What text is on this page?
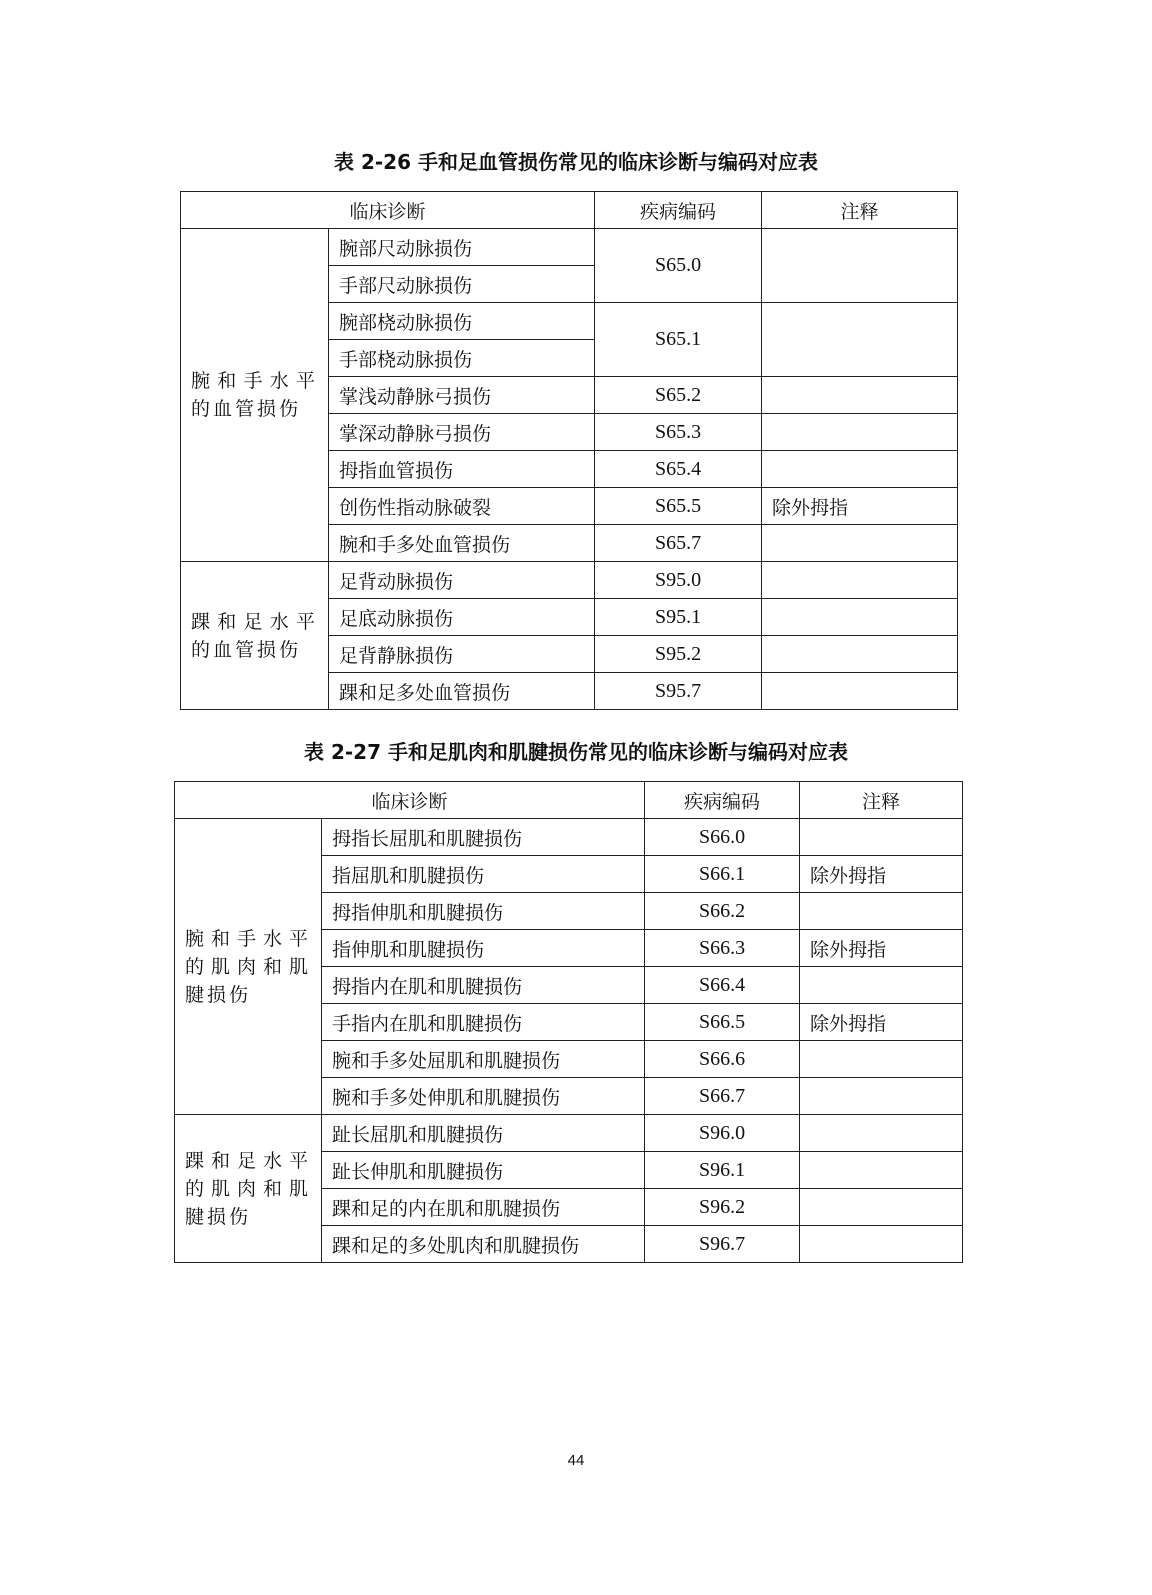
表 2-26 手和足血管损伤常见的临床诊断与编码对应表
临床诊断		疾病编码	注释
腕和手水平的血管损伤	腕部尺动脉损伤	S65.0	
	手部尺动脉损伤		
	腕部桡动脉损伤	S65.1	
	手部桡动脉损伤		
	掌浅动静脉弓损伤	S65.2	
	掌深动静脉弓损伤	S65.3	
	拇指血管损伤	S65.4	
	创伤性指动脉破裂	S65.5	除外拇指
	腕和手多处血管损伤	S65.7	
踝和足水平的血管损伤	足背动脉损伤	S95.0	
	足底动脉损伤	S95.1	
	足背静脉损伤	S95.2	
	踝和足多处血管损伤	S95.7	
表 2-27 手和足肌肉和肌腱损伤常见的临床诊断与编码对应表
临床诊断		疾病编码	注释
腕和手水平的肌肉和肌腱损伤	拇指长屈肌和肌腱损伤	S66.0	
	指屈肌和肌腱损伤	S66.1	除外拇指
	拇指伸肌和肌腱损伤	S66.2	
	指伸肌和肌腱损伤	S66.3	除外拇指
	拇指内在肌和肌腱损伤	S66.4	
	手指内在肌和肌腱损伤	S66.5	除外拇指
	腕和手多处屈肌和肌腱损伤	S66.6	
	腕和手多处伸肌和肌腱损伤	S66.7	
踝和足水平的肌肉和肌腱损伤	趾长屈肌和肌腱损伤	S96.0	
	趾长伸肌和肌腱损伤	S96.1	
	踝和足的内在肌和肌腱损伤	S96.2	
	踝和足的多处肌肉和肌腱损伤	S96.7	
44
